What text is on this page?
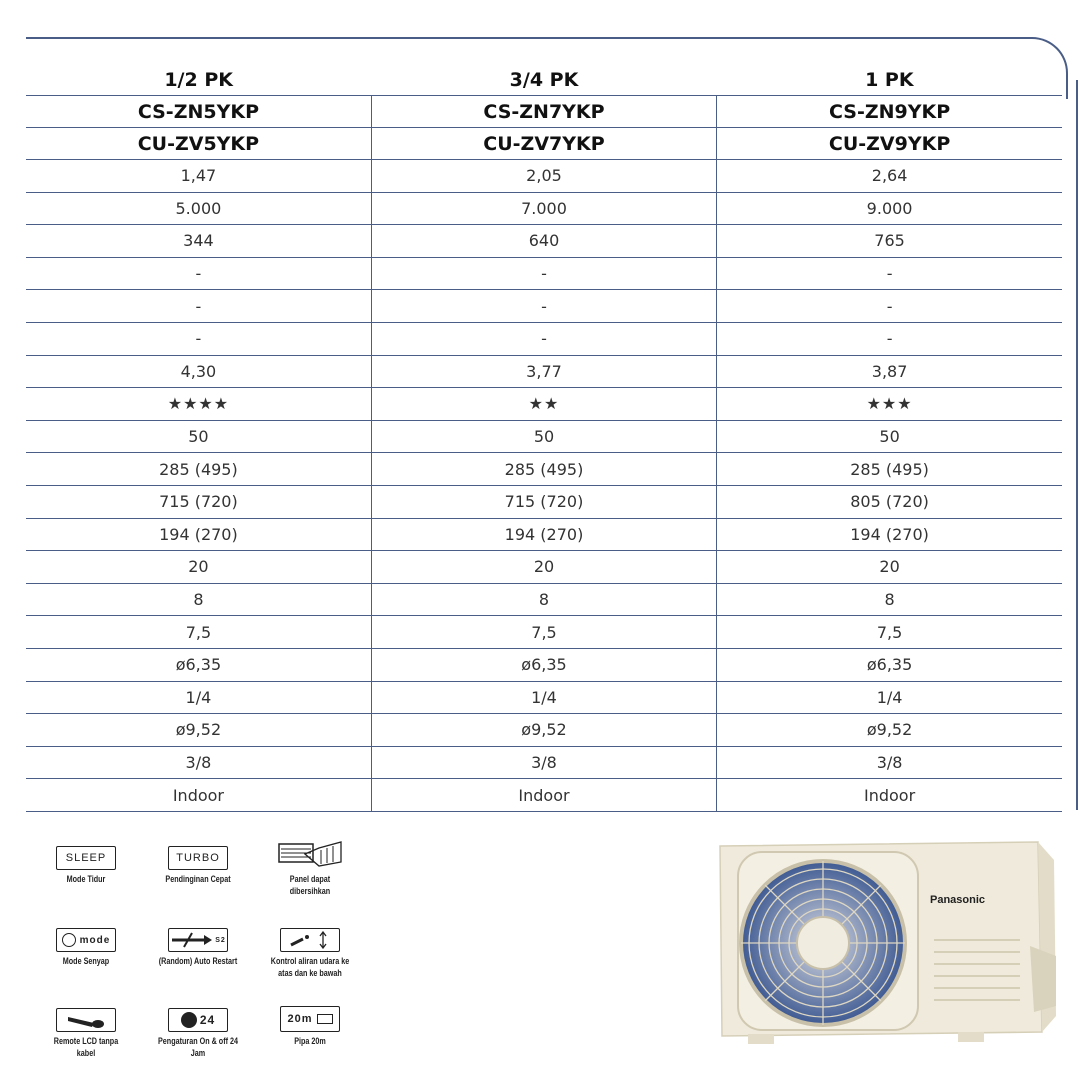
1/2 PK	3/4 PK	1 PK
CS-ZN5YKP	CS-ZN7YKP	CS-ZN9YKP
CU-ZV5YKP	CU-ZV7YKP	CU-ZV9YKP
1,47	2,05	2,64
5.000	7.000	9.000
344	640	765
-	-	-
-	-	-
-	-	-
4,30	3,77	3,87
★★★★	★★	★★★
50	50	50
285 (495)	285 (495)	285 (495)
715 (720)	715 (720)	805 (720)
194 (270)	194 (270)	194 (270)
20	20	20
8	8	8
7,5	7,5	7,5
ø6,35	ø6,35	ø6,35
1/4	1/4	1/4
ø9,52	ø9,52	ø9,52
3/8	3/8	3/8
Indoor	Indoor	Indoor
SLEEP
Mode Tidur
TURBO
Pendinginan Cepat	Panel dapat dibersihkan
mode
Mode Senyap
S2
(Random) Auto Restart	Kontrol aliran udara ke atas dan ke bawah
Remote LCD tanpa kabel
24
Pengaturan On & off 24 Jam
20m
Pipa 20m
Panasonic
